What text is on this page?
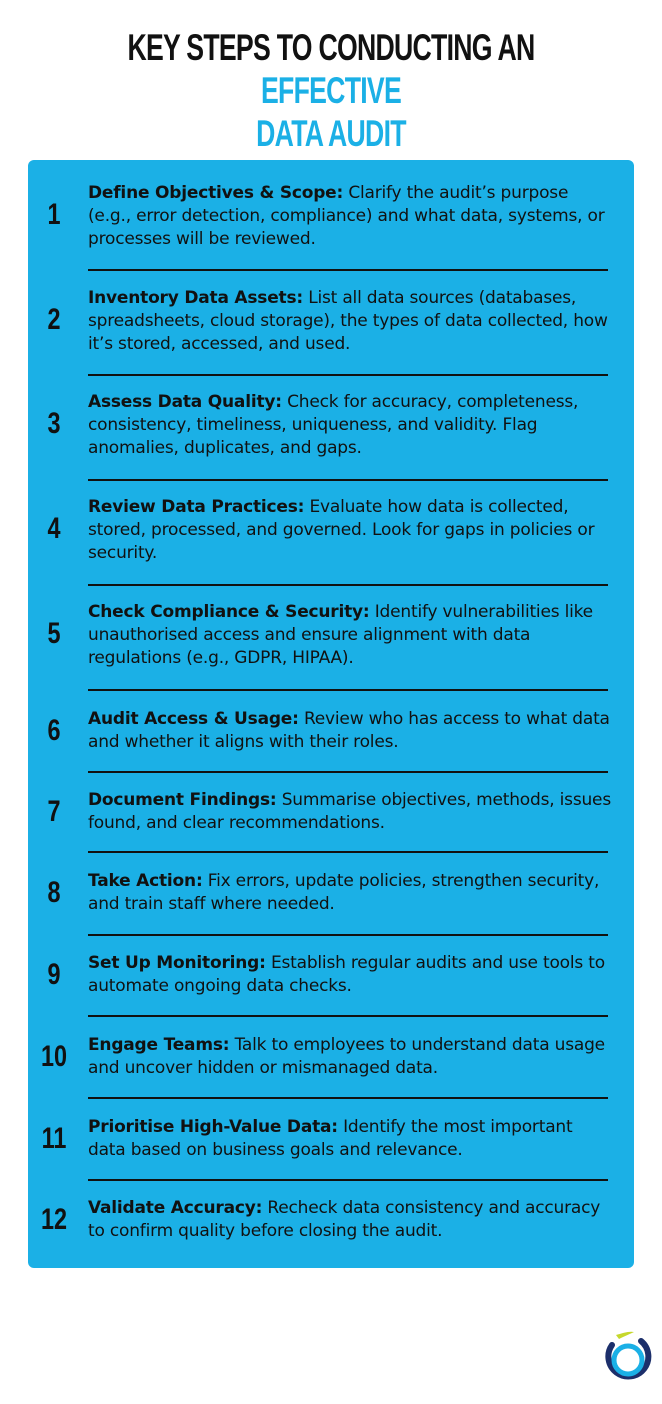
KEY STEPS TO CONDUCTING AN EFFECTIVE
DATA AUDIT
1
Define Objectives & Scope: Clarify the audit’s purpose (e.g., error detection, compliance) and what data, systems, or processes will be reviewed.
2
Inventory Data Assets: List all data sources (databases, spreadsheets, cloud storage), the types of data collected, how it’s stored, accessed, and used.
3
Assess Data Quality: Check for accuracy, completeness, consistency, timeliness, uniqueness, and validity. Flag anomalies, duplicates, and gaps.
4
Review Data Practices: Evaluate how data is collected, stored, processed, and governed. Look for gaps in policies or security.
5
Check Compliance & Security: Identify vulnerabilities like unauthorised access and ensure alignment with data regulations (e.g., GDPR, HIPAA).
6	Audit Access & Usage: Review who has access to what data and whether it aligns with their roles.
7	Document Findings: Summarise objectives, methods, issues found, and clear recommendations.
8	Take Action: Fix errors, update policies, strengthen security, and train staff where needed.
9	Set Up Monitoring: Establish regular audits and use tools to automate ongoing data checks.
10	Engage Teams: Talk to employees to understand data usage and uncover hidden or mismanaged data.
11	Prioritise High-Value Data: Identify the most important data based on business goals and relevance.
12	Validate Accuracy: Recheck data consistency and accuracy to confirm quality before closing the audit.
